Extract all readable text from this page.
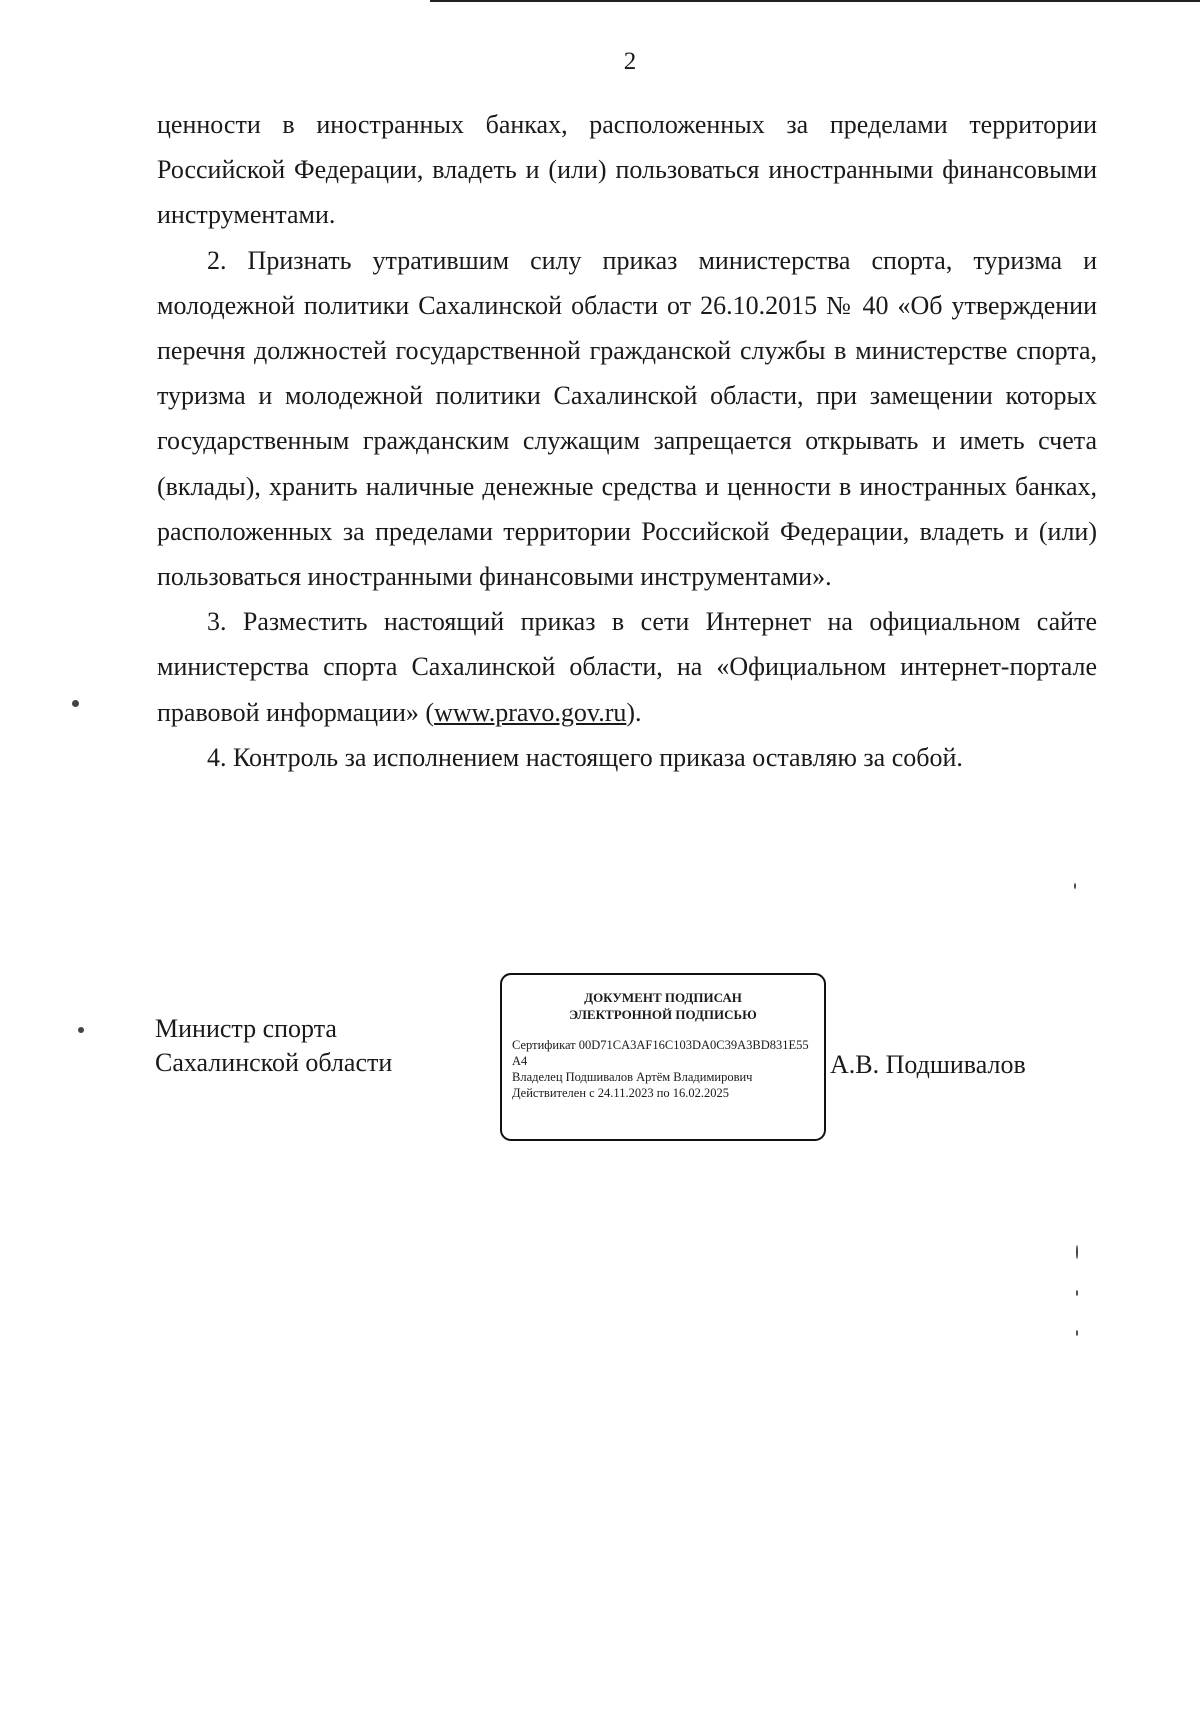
2

ценности в иностранных банках, расположенных за пределами территории Российской Федерации, владеть и (или) пользоваться иностранными финансовыми инструментами.

2. Признать утратившим силу приказ министерства спорта, туризма и молодежной политики Сахалинской области от 26.10.2015 № 40 «Об утверждении перечня должностей государственной гражданской службы в министерстве спорта, туризма и молодежной политики Сахалинской области, при замещении которых государственным гражданским служащим запрещается открывать и иметь счета (вклады), хранить наличные денежные средства и ценности в иностранных банках, расположенных за пределами территории Российской Федерации, владеть и (или) пользоваться иностранными финансовыми инструментами».

3. Разместить настоящий приказ в сети Интернет на официальном сайте министерства спорта Сахалинской области, на «Официальном интернет-портале правовой информации» (www.pravo.gov.ru).

4. Контроль за исполнением настоящего приказа оставляю за собой.

Министр спорта
Сахалинской области
ДОКУМЕНТ ПОДПИСАН
ЭЛЕКТРОННОЙ ПОДПИСЬЮ
Сертификат 00D71CA3AF16C103DA0C39A3BD831E55A4
Владелец Подшивалов Артём Владимирович
Действителен с 24.11.2023 по 16.02.2025
А.В. Подшивалов
